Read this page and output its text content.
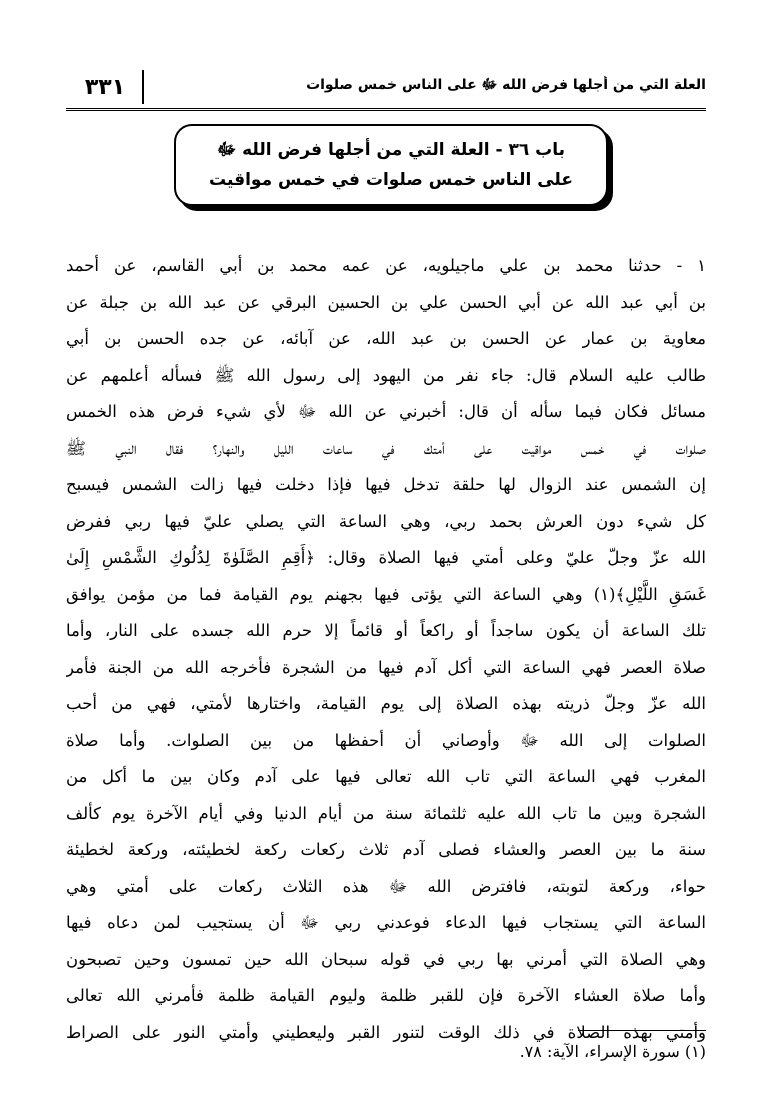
٣٣١	العلة التي من أجلها فرض الله ﷻ على الناس خمس صلوات
باب ٣٦ - العلة التي من أجلها فرض الله ﷻ
على الناس خمس صلوات في خمس مواقيت
١ - حدثنا محمد بن علي ماجيلويه، عن عمه محمد بن أبي القاسم، عن أحمد
بن أبي عبد الله عن أبي الحسن علي بن الحسين البرقي عن عبد الله بن جبلة عن
معاوية بن عمار عن الحسن بن عبد الله، عن آبائه، عن جده الحسن بن أبي
طالب عليه السلام قال: جاء نفر من اليهود إلى رسول الله ﷺ فسأله أعلمهم عن
مسائل فكان فيما سأله أن قال: أخبرني عن الله ﷻ لأي شيء فرض هذه الخمس
صلوات في خمس مواقيت على أمتك في ساعات الليل والنهار؟ فقال النبي ﷺ
إن الشمس عند الزوال لها حلقة تدخل فيها فإذا دخلت فيها زالت الشمس فيسبح
كل شيء دون العرش بحمد ربي، وهي الساعة التي يصلي عليّ فيها ربي ففرض
الله عزّ وجلّ عليّ وعلى أمتي فيها الصلاة وقال: ﴿أَقِمِ الصَّلَوٰةَ لِدُلُوكِ الشَّمْسِ إِلَىٰ
غَسَقِ اللَّيْلِ﴾(١) وهي الساعة التي يؤتى فيها بجهنم يوم القيامة فما من مؤمن يوافق
تلك الساعة أن يكون ساجداً أو راكعاً أو قائماً إلا حرم الله جسده على النار، وأما
صلاة العصر فهي الساعة التي أكل آدم فيها من الشجرة فأخرجه الله من الجنة فأمر
الله عزّ وجلّ ذريته بهذه الصلاة إلى يوم القيامة، واختارها لأمتي، فهي من أحب
الصلوات إلى الله ﷻ وأوصاني أن أحفظها من بين الصلوات. وأما صلاة
المغرب فهي الساعة التي تاب الله تعالى فيها على آدم وكان بين ما أكل من
الشجرة وبين ما تاب الله عليه ثلثمائة سنة من أيام الدنيا وفي أيام الآخرة يوم كألف
سنة ما بين العصر والعشاء فصلى آدم ثلاث ركعات ركعة لخطيئته، وركعة لخطيئة
حواء، وركعة لتوبته، فافترض الله ﷻ هذه الثلاث ركعات على أمتي وهي
الساعة التي يستجاب فيها الدعاء فوعدني ربي ﷻ أن يستجيب لمن دعاه فيها
وهي الصلاة التي أمرني بها ربي في قوله سبحان الله حين تمسون وحين تصبحون
وأما صلاة العشاء الآخرة فإن للقبر ظلمة وليوم القيامة ظلمة فأمرني الله تعالى
وأمتي بهذه الصلاة في ذلك الوقت لتنور القبر وليعطيني وأمتي النور على الصراط
(١) سورة الإسراء، الآية: ٧٨.
